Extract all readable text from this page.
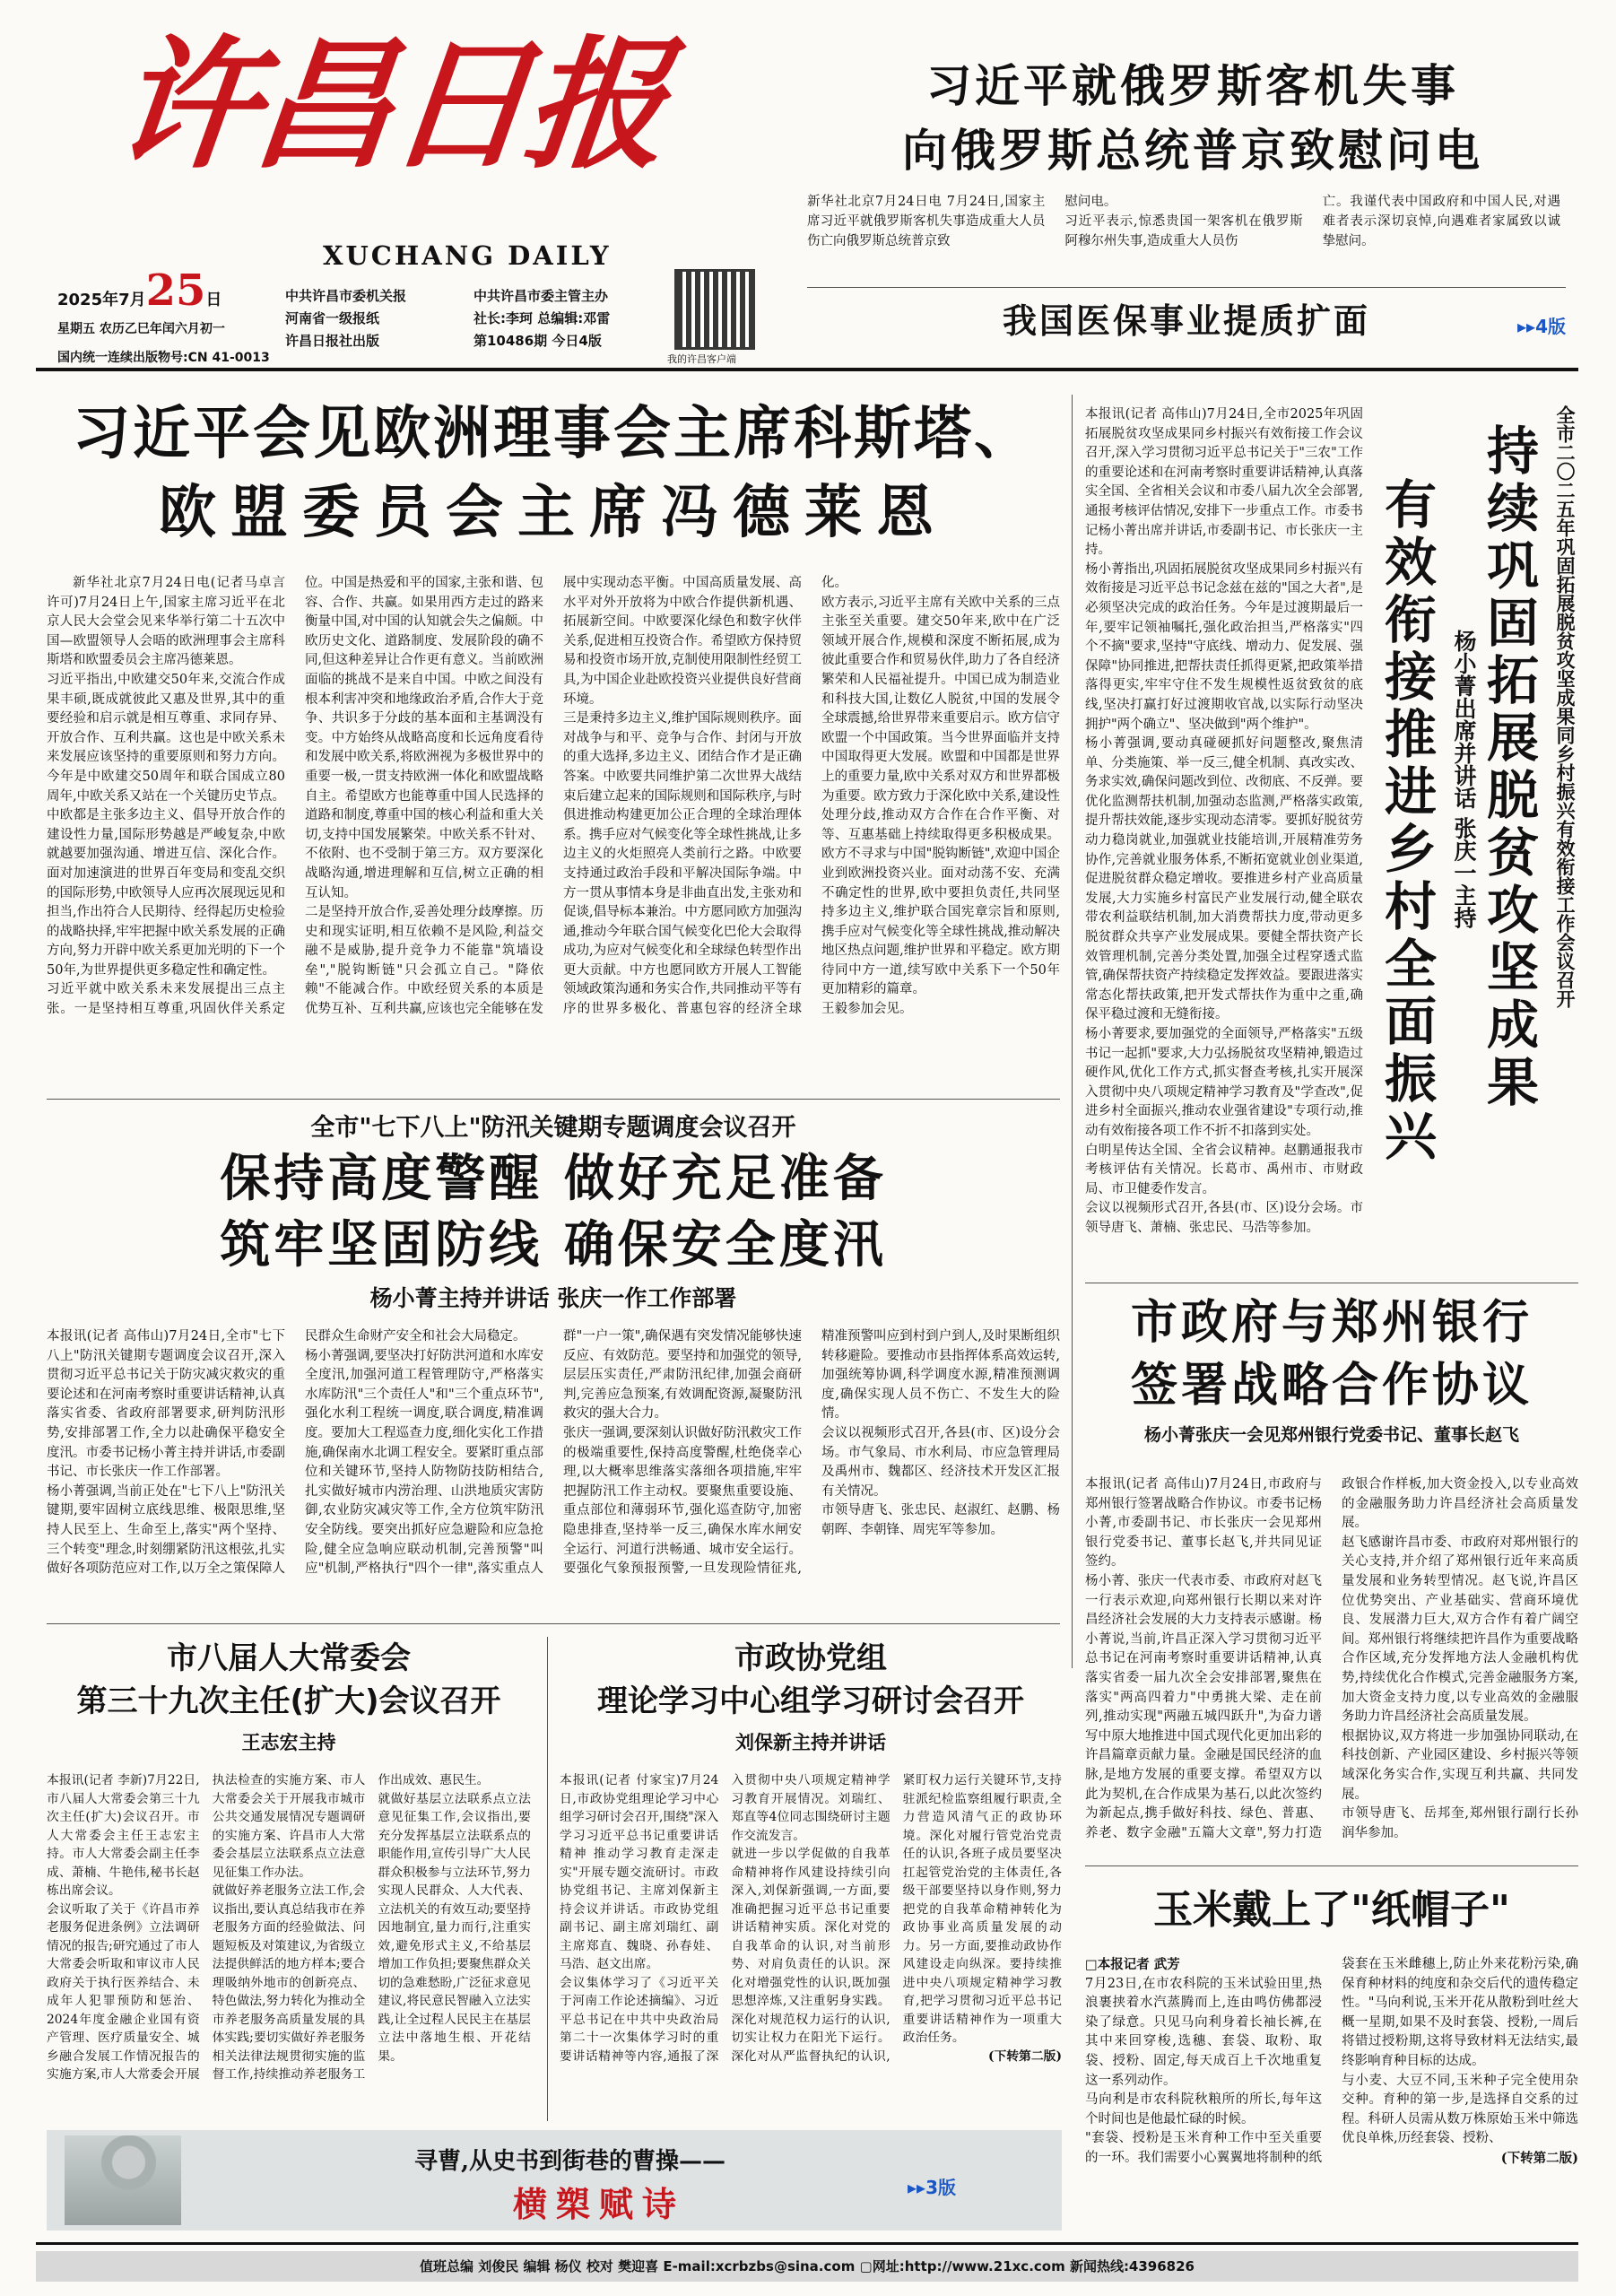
许昌日报
XUCHANG DAILY
2025年7月25日
星期五 农历乙巳年闰六月初一
国内统一连续出版物号:CN 41-0013
中共许昌市委机关报
河南省一级报纸
许昌日报社出版
中共许昌市委主管主办
社长:李珂 总编辑:邓雷
第10486期 今日4版
我的许昌客户端
习近平就俄罗斯客机失事
向俄罗斯总统普京致慰问电

新华社北京7月24日电 7月24日,国家主席习近平就俄罗斯客机失事造成重大人员伤亡向俄罗斯总统普京致

慰问电。
习近平表示,惊悉贵国一架客机在俄罗斯阿穆尔州失事,造成重大人员伤

亡。我谨代表中国政府和中国人民,对遇难者表示深切哀悼,向遇难者家属致以诚挚慰问。

我国医保事业提质扩面	▸▸4版
习近平会见欧洲理事会主席科斯塔、
欧盟委员会主席冯德莱恩
新华社北京7月24日电(记者马卓言 许可)7月24日上午,国家主席习近平在北京人民大会堂会见来华举行第二十五次中国—欧盟领导人会晤的欧洲理事会主席科斯塔和欧盟委员会主席冯德莱恩。
习近平指出,中欧建交50年来,交流合作成果丰硕,既成就彼此又惠及世界,其中的重要经验和启示就是相互尊重、求同存异、开放合作、互利共赢。这也是中欧关系未来发展应该坚持的重要原则和努力方向。今年是中欧建交50周年和联合国成立80周年,中欧关系又站在一个关键历史节点。中欧都是主张多边主义、倡导开放合作的建设性力量,国际形势越是严峻复杂,中欧就越要加强沟通、增进互信、深化合作。面对加速演进的世界百年变局和变乱交织的国际形势,中欧领导人应再次展现远见和担当,作出符合人民期待、经得起历史检验的战略抉择,牢牢把握中欧关系发展的正确方向,努力开辟中欧关系更加光明的下一个50年,为世界提供更多稳定性和确定性。
习近平就中欧关系未来发展提出三点主张。一是坚持相互尊重,巩固伙伴关系定位。中国是热爱和平的国家,主张和谐、包容、合作、共赢。如果用西方走过的路来衡量中国,对中国的认知就会失之偏颇。中欧历史文化、道路制度、发展阶段的确不同,但这种差异让合作更有意义。当前欧洲面临的挑战不是来自中国。中欧之间没有根本利害冲突和地缘政治矛盾,合作大于竞争、共识多于分歧的基本面和主基调没有变。中方始终从战略高度和长远角度看待和发展中欧关系,将欧洲视为多极世界中的重要一极,一贯支持欧洲一体化和欧盟战略自主。希望欧方也能尊重中国人民选择的道路和制度,尊重中国的核心利益和重大关切,支持中国发展繁荣。中欧关系不针对、不依附、也不受制于第三方。双方要深化战略沟通,增进理解和互信,树立正确的相互认知。
二是坚持开放合作,妥善处理分歧摩擦。历史和现实证明,相互依赖不是风险,利益交融不是威胁,提升竞争力不能靠"筑墙设垒","脱钩断链"只会孤立自己。"降依赖"不能减合作。中欧经贸关系的本质是优势互补、互利共赢,应该也完全能够在发展中实现动态平衡。中国高质量发展、高水平对外开放将为中欧合作提供新机遇、拓展新空间。中欧要深化绿色和数字伙伴关系,促进相互投资合作。希望欧方保持贸易和投资市场开放,克制使用限制性经贸工具,为中国企业赴欧投资兴业提供良好营商环境。
三是秉持多边主义,维护国际规则秩序。面对战争与和平、竞争与合作、封闭与开放的重大选择,多边主义、团结合作才是正确答案。中欧要共同维护第二次世界大战结束后建立起来的国际规则和国际秩序,与时俱进推动构建更加公正合理的全球治理体系。携手应对气候变化等全球性挑战,让多边主义的火炬照亮人类前行之路。中欧要支持通过政治手段和平解决国际争端。中方一贯从事情本身是非曲直出发,主张劝和促谈,倡导标本兼治。中方愿同欧方加强沟通,推动今年联合国气候变化巴伦大会取得成功,为应对气候变化和全球绿色转型作出更大贡献。中方也愿同欧方开展人工智能领域政策沟通和务实合作,共同推动平等有序的世界多极化、普惠包容的经济全球化。
欧方表示,习近平主席有关欧中关系的三点主张至关重要。建交50年来,欧中在广泛领域开展合作,规模和深度不断拓展,成为彼此重要合作和贸易伙伴,助力了各自经济繁荣和人民福祉提升。中国已成为制造业和科技大国,让数亿人脱贫,中国的发展令全球震撼,给世界带来重要启示。欧方信守欧盟一个中国政策。当今世界面临并支持中国取得更大发展。欧盟和中国都是世界上的重要力量,欧中关系对双方和世界都极为重要。欧方致力于深化欧中关系,建设性处理分歧,推动双方合作在合作平衡、对等、互惠基础上持续取得更多积极成果。欧方不寻求与中国"脱钩断链",欢迎中国企业到欧洲投资兴业。面对动荡不安、充满不确定性的世界,欧中要担负责任,共同坚持多边主义,维护联合国宪章宗旨和原则,携手应对气候变化等全球性挑战,推动解决地区热点问题,维护世界和平稳定。欧方期待同中方一道,续写欧中关系下一个50年更加精彩的篇章。
王毅参加会见。
全市"七下八上"防汛关键期专题调度会议召开
保持高度警醒 做好充足准备
筑牢坚固防线 确保安全度汛
杨小菁主持并讲话 张庆一作工作部署
本报讯(记者 高伟山)7月24日,全市"七下八上"防汛关键期专题调度会议召开,深入贯彻习近平总书记关于防灾减灾救灾的重要论述和在河南考察时重要讲话精神,认真落实省委、省政府部署要求,研判防汛形势,安排部署工作,全力以赴确保平稳安全度汛。市委书记杨小菁主持并讲话,市委副书记、市长张庆一作工作部署。
杨小菁强调,当前正处在"七下八上"防汛关键期,要牢固树立底线思维、极限思维,坚持人民至上、生命至上,落实"两个坚持、三个转变"理念,时刻绷紧防汛这根弦,扎实做好各项防范应对工作,以万全之策保障人民群众生命财产安全和社会大局稳定。
杨小菁强调,要坚决打好防洪河道和水库安全度汛,加强河道工程管理防守,严格落实水库防汛"三个责任人"和"三个重点环节",强化水利工程统一调度,联合调度,精准调度。要加大工程巡查力度,细化实化工作措施,确保南水北调工程安全。要紧盯重点部位和关键环节,坚持人防物防技防相结合,扎实做好城市内涝治理、山洪地质灾害防御,农业防灾减灾等工作,全方位筑牢防汛安全防线。要突出抓好应急避险和应急抢险,健全应急响应联动机制,完善预警"叫应"机制,严格执行"四个一律",落实重点人群"一户一策",确保遇有突发情况能够快速反应、有效防范。要坚持和加强党的领导,层层压实责任,严肃防汛纪律,加强会商研判,完善应急预案,有效调配资源,凝聚防汛救灾的强大合力。
张庆一强调,要深刻认识做好防汛救灾工作的极端重要性,保持高度警醒,杜绝侥幸心理,以大概率思维落实落细各项措施,牢牢把握防汛工作主动权。要聚焦重要设施、重点部位和薄弱环节,强化巡查防守,加密隐患排查,坚持举一反三,确保水库水闸安全运行、河道行洪畅通、城市安全运行。要强化气象预报预警,一旦发现险情征兆,精准预警叫应到村到户到人,及时果断组织转移避险。要推动市县指挥体系高效运转,加强统筹协调,科学调度水源,精准预测调度,确保实现人员不伤亡、不发生大的险情。
会议以视频形式召开,各县(市、区)设分会场。市气象局、市水利局、市应急管理局及禹州市、魏都区、经济技术开发区汇报有关情况。
市领导唐飞、张忠民、赵淑红、赵鹏、杨朝晖、李朝锋、周宪军等参加。
本报讯(记者 高伟山)7月24日,全市2025年巩固拓展脱贫攻坚成果同乡村振兴有效衔接工作会议召开,深入学习贯彻习近平总书记关于"三农"工作的重要论述和在河南考察时重要讲话精神,认真落实全国、全省相关会议和市委八届九次全会部署,通报考核评估情况,安排下一步重点工作。市委书记杨小菁出席并讲话,市委副书记、市长张庆一主持。
杨小菁指出,巩固拓展脱贫攻坚成果同乡村振兴有效衔接是习近平总书记念兹在兹的"国之大者",是必须坚决完成的政治任务。今年是过渡期最后一年,要牢记领袖嘱托,强化政治担当,严格落实"四个不摘"要求,坚持"守底线、增动力、促发展、强保障"协同推进,把帮扶责任抓得更紧,把政策举措落得更实,牢牢守住不发生规模性返贫致贫的底线,坚决打赢打好过渡期收官战,以实际行动坚决拥护"两个确立"、坚决做到"两个维护"。
杨小菁强调,要动真碰硬抓好问题整改,聚焦清单、分类施策、举一反三,健全机制、真改实改、务求实效,确保问题改到位、改彻底、不反弹。要优化监测帮扶机制,加强动态监测,严格落实政策,提升帮扶效能,逐步实现动态清零。要抓好脱贫劳动力稳岗就业,加强就业技能培训,开展精准劳务协作,完善就业服务体系,不断拓宽就业创业渠道,促进脱贫群众稳定增收。要推进乡村产业高质量发展,大力实施乡村富民产业发展行动,健全联农带农利益联结机制,加大消费帮扶力度,带动更多脱贫群众共享产业发展成果。要健全帮扶资产长效管理机制,完善分类处置,加强全过程穿透式监管,确保帮扶资产持续稳定发挥效益。要跟进落实常态化帮扶政策,把开发式帮扶作为重中之重,确保平稳过渡和无缝衔接。
杨小菁要求,要加强党的全面领导,严格落实"五级书记一起抓"要求,大力弘扬脱贫攻坚精神,锻造过硬作风,优化工作方式,抓实督查考核,扎实开展深入贯彻中央八项规定精神学习教育及"学查改",促进乡村全面振兴,推动农业强省建设"专项行动,推动有效衔接各项工作不折不扣落到实处。
白明星传达全国、全省会议精神。赵鹏通报我市考核评估有关情况。长葛市、禹州市、市财政局、市卫健委作发言。
会议以视频形式召开,各县(市、区)设分会场。市领导唐飞、萧楠、张忠民、马浩等参加。
全市二〇二五年巩固拓展脱贫攻坚成果同乡村振兴有效衔接工作会议召开
持续巩固拓展脱贫攻坚成果
杨小菁出席并讲话 张庆一主持
有效衔接推进乡村全面振兴
市政府与郑州银行
签署战略合作协议
杨小菁张庆一会见郑州银行党委书记、董事长赵飞
本报讯(记者 高伟山)7月24日,市政府与郑州银行签署战略合作协议。市委书记杨小菁,市委副书记、市长张庆一会见郑州银行党委书记、董事长赵飞,并共同见证签约。
杨小菁、张庆一代表市委、市政府对赵飞一行表示欢迎,向郑州银行长期以来对许昌经济社会发展的大力支持表示感谢。杨小菁说,当前,许昌正深入学习贯彻习近平总书记在河南考察时重要讲话精神,认真落实省委一届九次全会安排部署,聚焦在落实"两高四着力"中勇挑大梁、走在前列,推动实现"两融五城四跃升",为奋力谱写中原大地推进中国式现代化更加出彩的许昌篇章贡献力量。金融是国民经济的血脉,是地方发展的重要支撑。希望双方以此为契机,在合作成果为基石,以此次签约为新起点,携手做好科技、绿色、普惠、养老、数字金融"五篇大文章",努力打造政银合作样板,加大资金投入,以专业高效的金融服务助力许昌经济社会高质量发展。
赵飞感谢许昌市委、市政府对郑州银行的关心支持,并介绍了郑州银行近年来高质量发展和业务转型情况。赵飞说,许昌区位优势突出、产业基础实、营商环境优良、发展潜力巨大,双方合作有着广阔空间。郑州银行将继续把许昌作为重要战略合作区域,充分发挥地方法人金融机构优势,持续优化合作模式,完善金融服务方案,加大资金支持力度,以专业高效的金融服务助力许昌经济社会高质量发展。
根据协议,双方将进一步加强协同联动,在科技创新、产业园区建设、乡村振兴等领域深化务实合作,实现互利共赢、共同发展。
市领导唐飞、岳邦奎,郑州银行副行长孙润华参加。
玉米戴上了"纸帽子"
□本报记者 武芳
7月23日,在市农科院的玉米试验田里,热浪裹挟着水汽蒸腾而上,连由鸣仿佛都浸染了绿意。只见马向利身着长袖长裤,在其中来回穿梭,选穗、套袋、取粉、取袋、授粉、固定,每天成百上千次地重复这一系列动作。
马向利是市农科院秋粮所的所长,每年这个时间也是他最忙碌的时候。
"套袋、授粉是玉米育种工作中至关重要的一环。我们需要小心翼翼地将制种的纸袋套在玉米雌穗上,防止外来花粉污染,确保育种材料的纯度和杂交后代的遗传稳定性。"马向利说,玉米开花从散粉到吐丝大概一星期,如果不及时套袋、授粉,一周后将错过授粉期,这将导致材料无法结实,最终影响育种目标的达成。
与小麦、大豆不同,玉米种子完全使用杂交种。育种的第一步,是选择自交系的过程。科研人员需从数万株原始玉米中筛选优良单株,历经套袋、授粉、
(下转第二版)
市八届人大常委会
第三十九次主任(扩大)会议召开
王志宏主持
本报讯(记者 李新)7月22日,市八届人大常委会第三十九次主任(扩大)会议召开。市人大常委会主任王志宏主持。市人大常委会副主任李成、萧楠、牛艳伟,秘书长赵栋出席会议。
会议听取了关于《许昌市养老服务促进条例》立法调研情况的报告;研究通过了市人大常委会听取和审议市人民政府关于执行医养结合、未成年人犯罪预防和惩治、2024年度金融企业国有资产管理、医疗质量安全、城乡融合发展工作情况报告的实施方案,市人大常委会开展执法检查的实施方案、市人大常委会关于开展我市城市公共交通发展情况专题调研的实施方案、许昌市人大常委会基层立法联系点立法意见征集工作办法。
就做好养老服务立法工作,会议指出,要认真总结我市在养老服务方面的经验做法、问题短板及对策建议,为省级立法提供鲜活的地方样本;要合理吸纳外地市的创新亮点、特色做法,努力转化为推动全市养老服务高质量发展的具体实践;要切实做好养老服务相关法律法规贯彻实施的监督工作,持续推动养老服务工作出成效、惠民生。
就做好基层立法联系点立法意见征集工作,会议指出,要充分发挥基层立法联系点的职能作用,宣传引导广大人民群众积极参与立法环节,努力实现人民群众、人大代表、立法机关的有效互动;要坚持因地制宜,量力而行,注重实效,避免形式主义,不给基层增加工作负担;要聚焦群众关切的急难愁盼,广泛征求意见建议,将民意民智融入立法实践,让全过程人民民主在基层立法中落地生根、开花结果。
市政协党组
理论学习中心组学习研讨会召开
刘保新主持并讲话
本报讯(记者 付家宝)7月24日,市政协党组理论学习中心组学习研讨会召开,围绕"深入学习习近平总书记重要讲话精神 推动学习教育走深走实"开展专题交流研讨。市政协党组书记、主席刘保新主持会议并讲话。市政协党组副书记、副主席刘瑞红、副主席郑直、魏晓、孙春娃、马浩、赵文出席。
会议集体学习了《习近平关于河南工作论述摘编》、习近平总书记在中共中央政治局第二十一次集体学习时的重要讲话精神等内容,通报了深入贯彻中央八项规定精神学习教育开展情况。刘瑞红、郑直等4位同志围绕研讨主题作交流发言。
就进一步以学促做的自我革命精神将作风建设持续引向深入,刘保新强调,一方面,要准确把握习近平总书记重要讲话精神实质。深化对党的自我革命的认识,对当前形势、对肩负责任的认识。深化对增强党性的认识,既加强思想淬炼,又注重躬身实践。深化对规范权力运行的认识,切实让权力在阳光下运行。深化对从严监督执纪的认识,紧盯权力运行关键环节,支持驻派纪检监察组履行职责,全力营造风清气正的政协环境。深化对履行管党治党责任的认识,各班子成员要坚决扛起管党治党的主体责任,各级干部要坚持以身作则,努力把党的自我革命精神转化为政协事业高质量发展的动力。另一方面,要推动政协作风建设走向纵深。要持续推进中央八项规定精神学习教育,把学习贯彻习近平总书记重要讲话精神作为一项重大政治任务。
(下转第二版)
寻曹,从史书到街巷的曹操——
横槊赋诗	▸▸3版
值班总编 刘俊民 编辑 杨仪 校对 樊迎喜 E-mail:xcrbzbs@sina.com ▢网址:http://www.21xc.com 新闻热线:4396826
